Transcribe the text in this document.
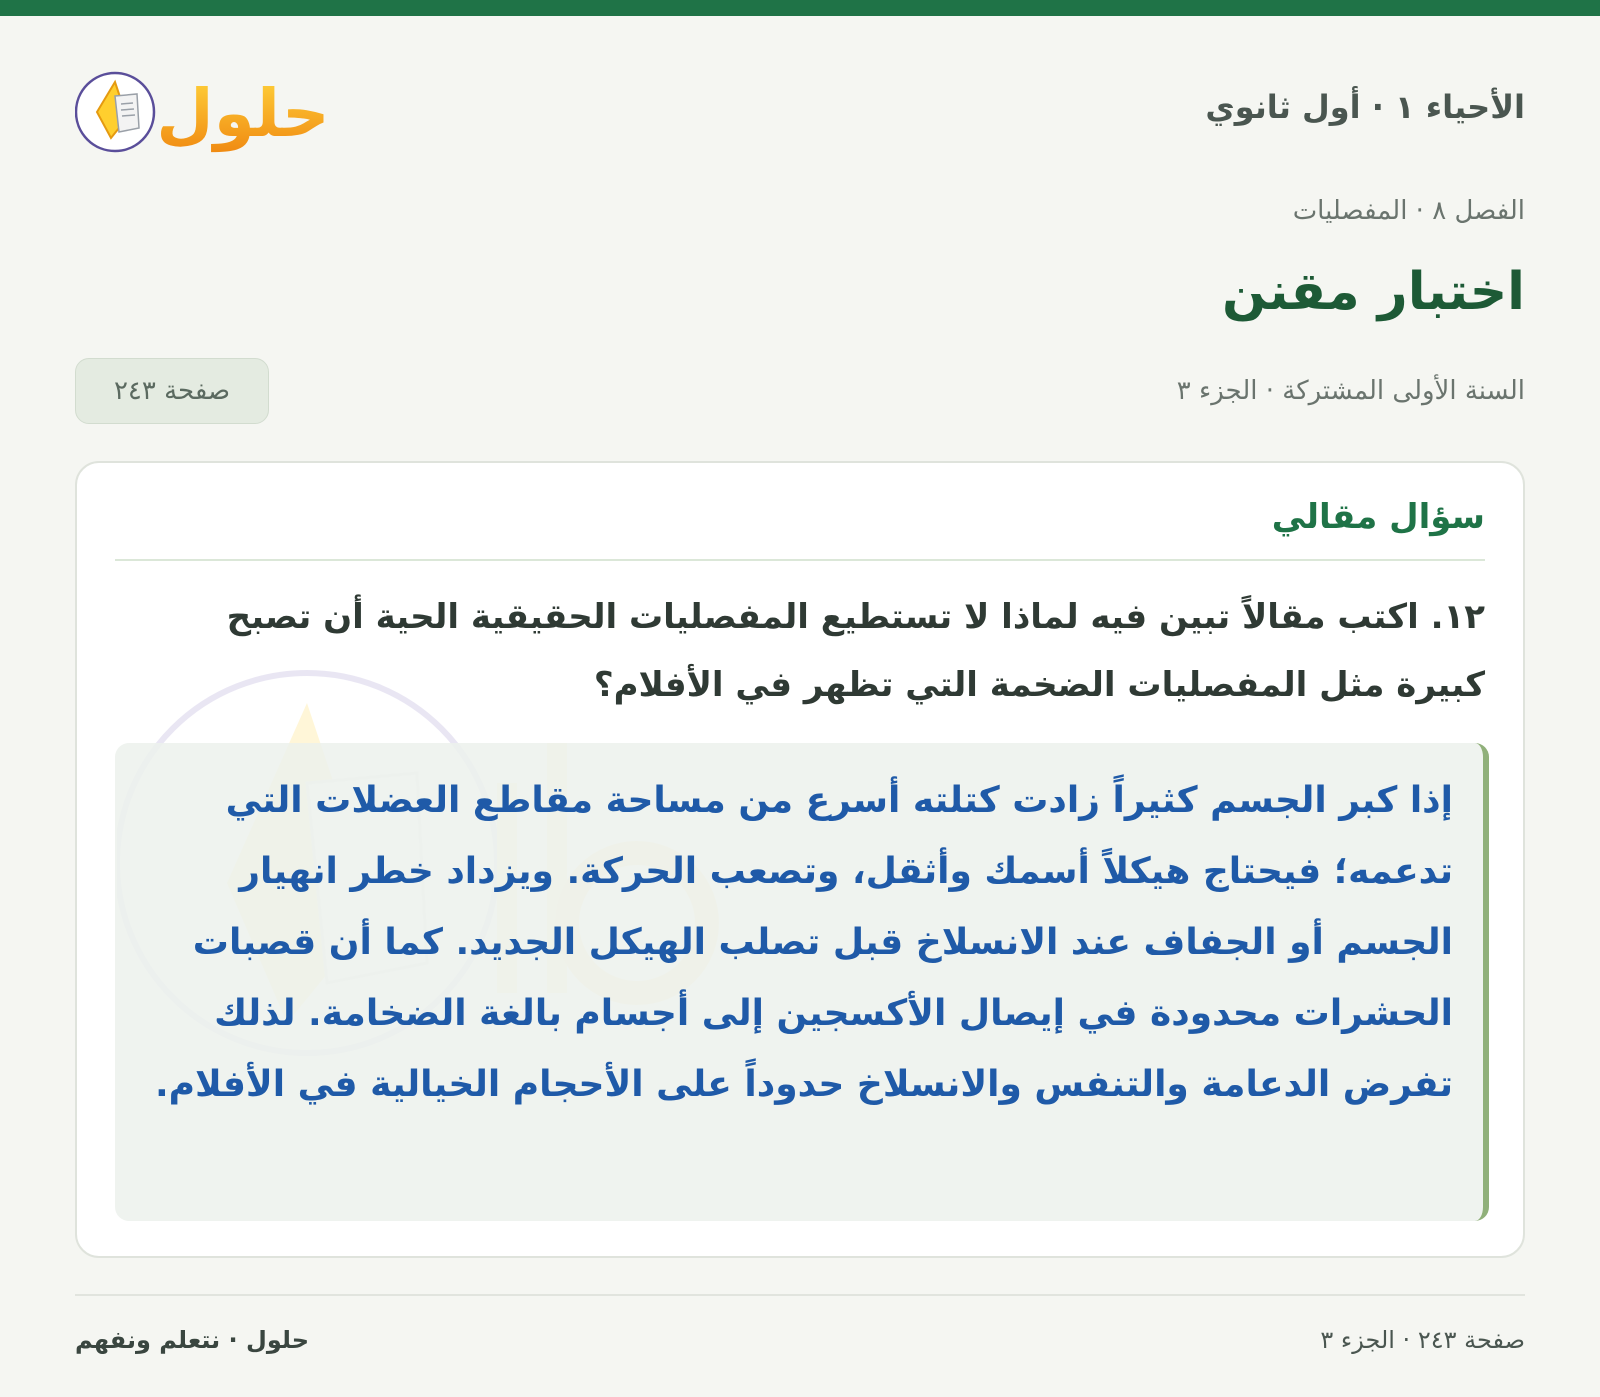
الأحياء ١ · أول ثانوي
حلول
الفصل ٨ · المفصليات
اختبار مقنن
السنة الأولى المشتركة · الجزء ٣
صفحة ٢٤٣
سؤال مقالي

١٢. اكتب مقالاً تبين فيه لماذا لا تستطيع المفصليات الحقيقية الحية أن تصبح كبيرة مثل المفصليات الضخمة التي تظهر في الأفلام؟

إذا كبر الجسم كثيراً زادت كتلته أسرع من مساحة مقاطع العضلات التي تدعمه؛ فيحتاج هيكلاً أسمك وأثقل، وتصعب الحركة. ويزداد خطر انهيار الجسم أو الجفاف عند الانسلاخ قبل تصلب الهيكل الجديد. كما أن قصبات الحشرات محدودة في إيصال الأكسجين إلى أجسام بالغة الضخامة. لذلك تفرض الدعامة والتنفس والانسلاخ حدوداً على الأحجام الخيالية في الأفلام.

صفحة ٢٤٣ · الجزء ٣
حلول · نتعلم ونفهم
